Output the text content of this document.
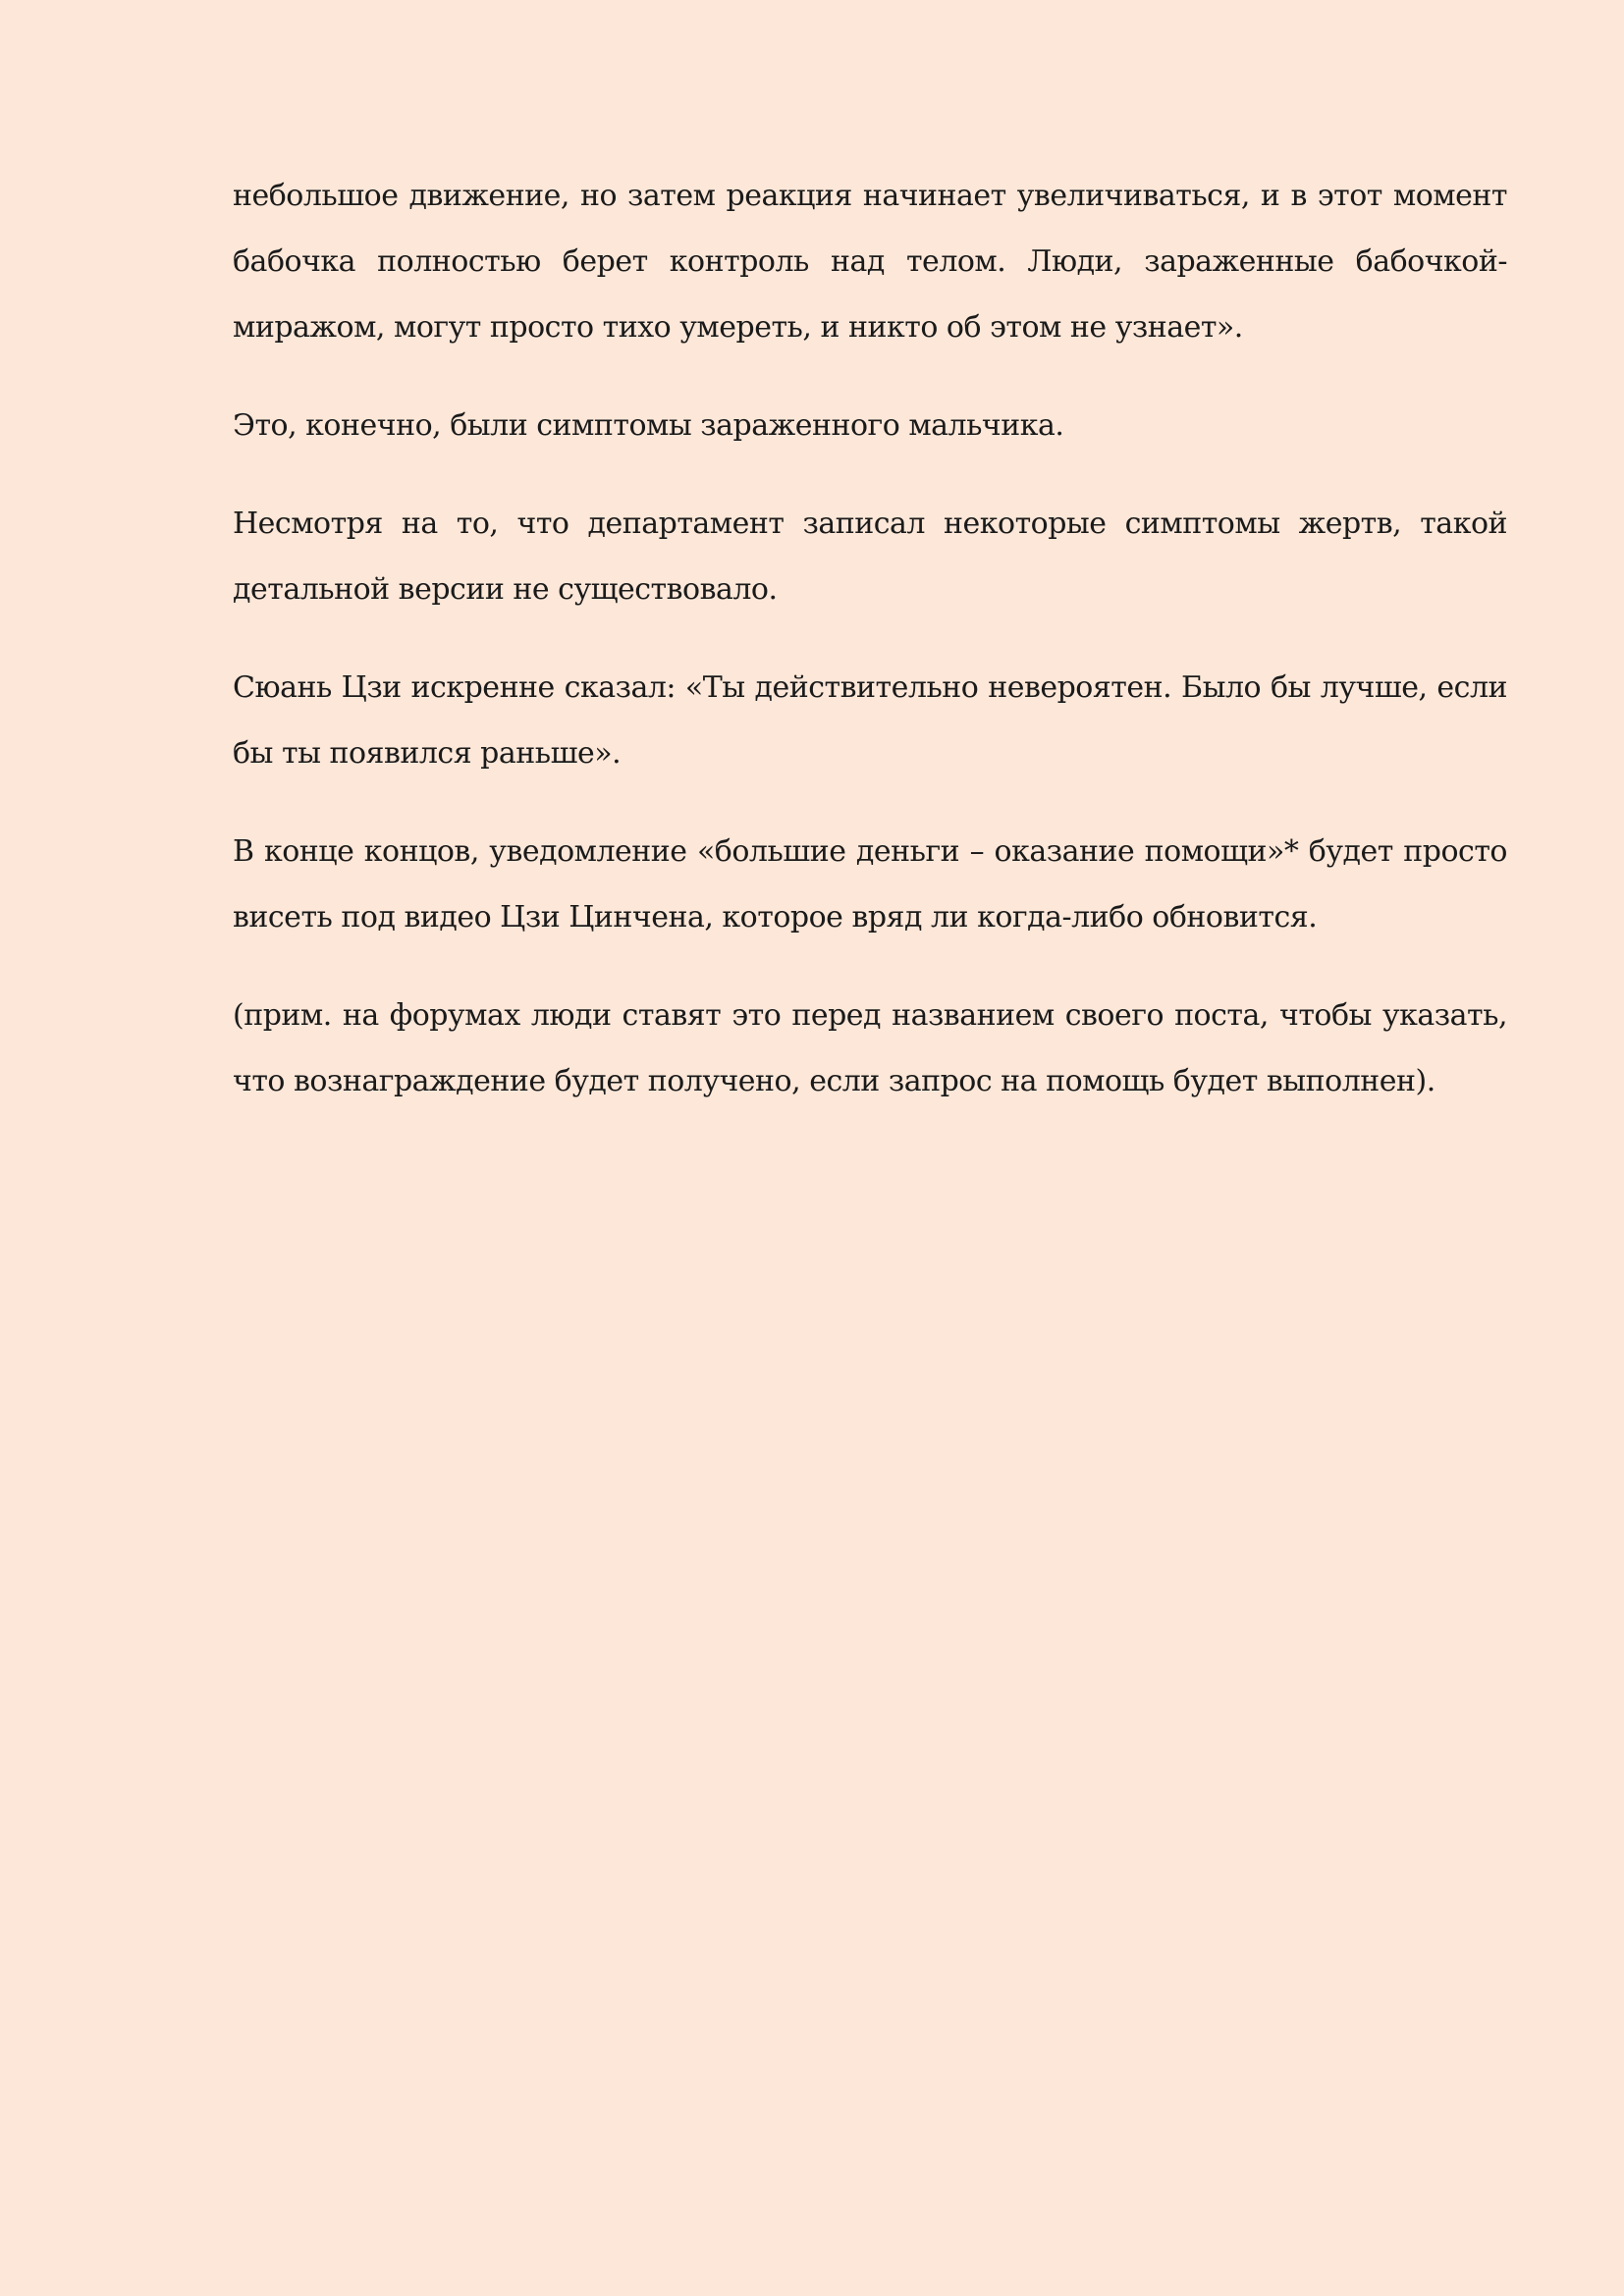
небольшое движение, но затем реакция начинает увеличиваться, и в этот момент бабочка полностью берет контроль над телом. Люди, зараженные бабочкой-миражом, могут просто тихо умереть, и никто об этом не узнает».

Это, конечно, были симптомы зараженного мальчика.

Несмотря на то, что департамент записал некоторые симптомы жертв, такой детальной версии не существовало.

Сюань Цзи искренне сказал: «Ты действительно невероятен. Было бы лучше, если бы ты появился раньше».

В конце концов, уведомление «большие деньги – оказание помощи»* будет просто висеть под видео Цзи Цинчена, которое вряд ли когда-либо обновится.

(прим. на форумах люди ставят это перед названием своего поста, чтобы указать, что вознаграждение будет получено, если запрос на помощь будет выполнен).
